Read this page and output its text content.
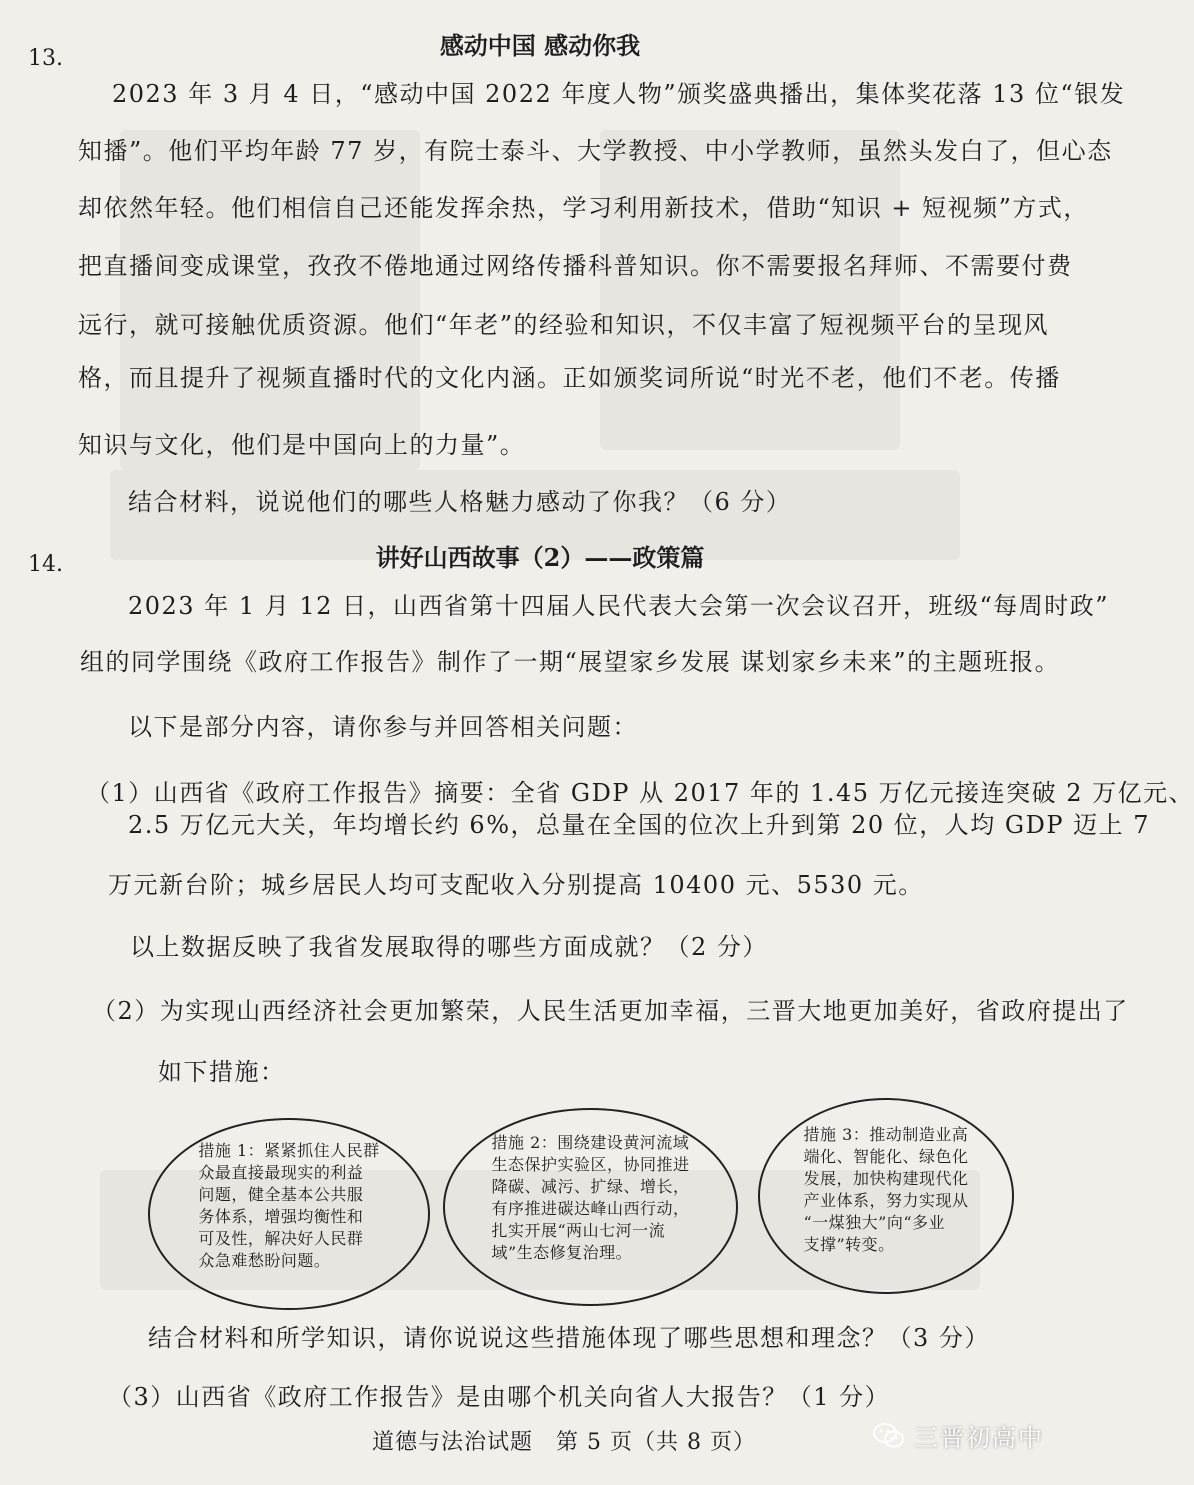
13.	感动中国 感动你我
2023 年 3 月 4 日，“感动中国 2022 年度人物”颁奖盛典播出，集体奖花落 13 位“银发
知播”。他们平均年龄 77 岁，有院士泰斗、大学教授、中小学教师，虽然头发白了，但心态
却依然年轻。他们相信自己还能发挥余热，学习利用新技术，借助“知识 + 短视频”方式，
把直播间变成课堂，孜孜不倦地通过网络传播科普知识。你不需要报名拜师、不需要付费
远行，就可接触优质资源。他们“年老”的经验和知识，不仅丰富了短视频平台的呈现风
格，而且提升了视频直播时代的文化内涵。正如颁奖词所说“时光不老，他们不老。传播
知识与文化，他们是中国向上的力量”。
结合材料，说说他们的哪些人格魅力感动了你我？（6 分）
14.	讲好山西故事（2）——政策篇
2023 年 1 月 12 日，山西省第十四届人民代表大会第一次会议召开，班级“每周时政”
组的同学围绕《政府工作报告》制作了一期“展望家乡发展 谋划家乡未来”的主题班报。
以下是部分内容，请你参与并回答相关问题：
（1）山西省《政府工作报告》摘要：全省 GDP 从 2017 年的 1.45 万亿元接连突破 2 万亿元、
2.5 万亿元大关，年均增长约 6%，总量在全国的位次上升到第 20 位，人均 GDP 迈上 7
万元新台阶；城乡居民人均可支配收入分别提高 10400 元、5530 元。
以上数据反映了我省发展取得的哪些方面成就？（2 分）
（2）为实现山西经济社会更加繁荣，人民生活更加幸福，三晋大地更加美好，省政府提出了
如下措施：
措施 1：紧紧抓住人民群
众最直接最现实的利益
问题，健全基本公共服
务体系，增强均衡性和
可及性，解决好人民群
众急难愁盼问题。
措施 2：围绕建设黄河流域
生态保护实验区，协同推进
降碳、减污、扩绿、增长，
有序推进碳达峰山西行动，
扎实开展“两山七河一流
域”生态修复治理。
措施 3：推动制造业高
端化、智能化、绿色化
发展，加快构建现代化
产业体系，努力实现从
“一煤独大”向“多业
支撑”转变。
结合材料和所学知识，请你说说这些措施体现了哪些思想和理念？（3 分）
（3）山西省《政府工作报告》是由哪个机关向省人大报告？（1 分）
道德与法治试题　第 5 页（共 8 页）	三晋初高中
